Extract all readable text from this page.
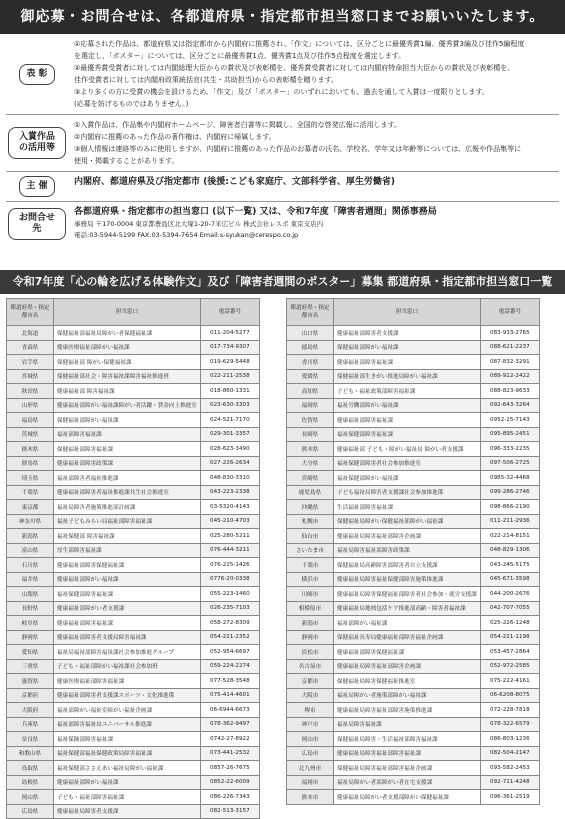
御応募・お問合せは、各都道府県・指定都市担当窓口までお願いいたします。
表 彰

①応募された作品は、都道府県又は指定都市から内閣府に推薦され、「作文」については、区分ごとに最優秀賞1編、優秀賞3編及び佳作5編程度

を選定し、「ポスター」については、区分ごとに最優秀賞1点、優秀賞1点及び佳作5点程度を選定します。

②最優秀賞受賞者に対しては内閣総理大臣からの賞状及び表彰楯を、優秀賞受賞者に対しては内閣府特命担当大臣からの賞状及び表彰楯を、

佳作受賞者に対しては内閣府政策統括官(共生・共助担当)からの表彰楯を贈ります。

③より多くの方に受賞の機会を設けるため、「作文」及び「ポスター」のいずれにおいても、過去を通して入賞は一度限りとします。

(応募を妨げるものではありません。)

入賞作品の活用等

①入賞作品は、作品集や内閣府ホームページ、障害者白書等に掲載し、全国的な啓発広報に活用します。

②内閣府に推薦のあった作品の著作権は、内閣府に帰属します。

③個人情報は連絡等のみに使用しますが、内閣府に推薦のあった作品のお募者の氏名、学校名、学年又は年齢等については、広報や作品集等に

使用・掲載することがあります。

主 催	内閣府、都道府県及び指定都市 (後援:こども家庭庁、文部科学省、厚生労働省)

お問合せ先

各都道府県・指定都市の担当窓口 (以下一覧) 又は、令和7年度「障害者週間」関係事務局

事務局 〒170-0004 東京都豊島区北大塚1-20-7米広ビル 株式会社レスポ 東京支店内

電話:03-5944-5199 FAX:03-5394-7654 Email:s-syukan@cerespo.co.jp

令和7年度「心の輪を広げる体験作文」及び「障害者週間のポスター」募集 都道府県・指定都市担当窓口一覧
都道府県・指定都市名	担当窓口	電話番号
北海道	保健福祉部福祉局障がい者保健福祉課	011-204-5277
青森県	健康医療福祉部障がい福祉課	017-734-9307
岩手県	保健福祉部 障がい保健福祉課	019-629-5448
宮城県	保健福祉部社会・障害福祉課障害福祉推進班	022-211-2538
秋田県	健康福祉部 障害福祉課	018-860-1331
山形県	健康福祉部障がい福祉課障がい者活躍・賃金向上推進室	023-630-3303
福島県	保健福祉部障がい福祉課	024-521-7170
茨城県	福祉部障害福祉課	029-301-3357
栃木県	保健福祉部障害福祉課	028-623-3490
群馬県	健康福祉部障害政策課	027-226-2634
埼玉県	福祉部障害者福祉推進課	048-830-3310
千葉県	健康福祉部障害者福祉推進課共生社会推進室	043-223-2338
東京都	福祉局障害者施策推進部計画課	03-5320-4143
神奈川県	福祉子どもみらい局福祉部障害福祉課	045-210-4703
新潟県	福祉保健部 障害福祉課	025-280-5211
富山県	厚生部障害福祉課	076-444-3211
石川県	健康福祉部障害保健福祉課	076-225-1426
福井県	健康福祉部障がい福祉課	0776-20-0338
山梨県	福祉保健部障害福祉課	055-223-1460
長野県	健康福祉部障がい者支援課	026-235-7103
岐阜県	健康福祉部障害福祉課	058-272-8309
静岡県	健康福祉部障害者支援局障害福祉課	054-221-2352
愛知県	福祉局福祉部障害福祉課社会参加推進グループ	052-954-6697
三重県	子ども・福祉部障がい福祉課社会参加班	059-224-2274
滋賀県	健康医療福祉部障害福祉課	077-528-3548
京都府	健康福祉部障害者支援課スポーツ・文化推進係	075-414-4601
大阪府	福祉部障がい福祉室障がい福祉企画課	06-6944-6673
兵庫県	福祉部障害福祉局ユニバーサル推進課	078-362-9497
奈良県	福祉保険部障害福祉課	0742-27-8922
和歌山県	福祉保健部福祉保健政策局障害福祉課	073-441-2532
鳥取県	福祉保健部ささえあい福祉局障がい福祉課	0857-26-7675
島根県	健康福祉部障がい福祉課	0852-22-6009
岡山県	子ども・福祉部障害福祉課	086-226-7343
広島県	健康福祉局障害者支援課	082-513-3157
都道府県・指定都市名	担当窓口	電話番号
山口県	健康福祉部障害者支援課	083-933-2765
徳島県	保健福祉部障がい福祉課	088-621-2237
香川県	健康福祉部障害福祉課	087-832-3291
愛媛県	保健福祉部生きがい推進局障がい福祉課	089-912-2422
高知県	子ども・福祉政策部障害福祉課	088-823-9633
福岡県	福祉労働部障がい福祉課	092-643-3264
佐賀県	健康福祉部障害福祉課	0952-25-7143
長崎県	福祉保健部障害福祉課	095-895-2451
熊本県	健康福祉部 子ども・障がい福祉局 障がい者支援課	096-333-2235
大分県	福祉保健部障害者社会参加推進室	097-506-2725
宮崎県	福祉保健部障がい福祉課	0985-32-4468
鹿児島県	子ども福祉局障害者支援課社会参加推進係	099-286-2746
沖縄県	生活福祉部障害福祉課	098-866-2190
札幌市	保健福祉局障がい保健福祉部障がい福祉課	011-211-2936
仙台市	健康福祉局障害福祉部障害企画課	022-214-8151
さいたま市	福祉局障害福祉部障害政策課	048-829-1306
千葉市	保健福祉局高齢障害部障害者自立支援課	043-245-5175
横浜市	健康福祉局障害福祉保健部障害施策推進課	045-671-3598
川崎市	健康福祉局障害保健福祉部障害者社会参加・就労支援課	044-200-2676
相模原市	健康福祉局地域包括ケア推進部高齢・障害者福祉課	042-707-7055
新潟市	福祉部障がい福祉課	025-226-1248
静岡市	保健福祉長寿局健康福祉部障害福祉企画課	054-221-1198
浜松市	健康福祉部障害保健福祉課	053-457-2864
名古屋市	健康福祉局障害福祉部障害企画課	052-972-2585
京都市	保健福祉局障害保健福祉推進室	075-222-4161
大阪市	福祉局障がい者施策部障がい福祉課	06-6208-8075
堺市	健康福祉局障害福祉部障害施策推進課	072-228-7818
神戸市	福祉局障害福祉課	078-322-6579
岡山市	保健福祉局障害・生活福祉部障害福祉課	086-803-1236
広島市	健康福祉局障害福祉部障害福祉課	082-504-2147
北九州市	保健福祉局障害福祉部障害福祉企画課	093-582-2453
福岡市	福祉局障がい者部障がい者在宅支援課	092-711-4248
熊本市	健康福祉局障がい者支援部障がい保健福祉課	096-361-2519
